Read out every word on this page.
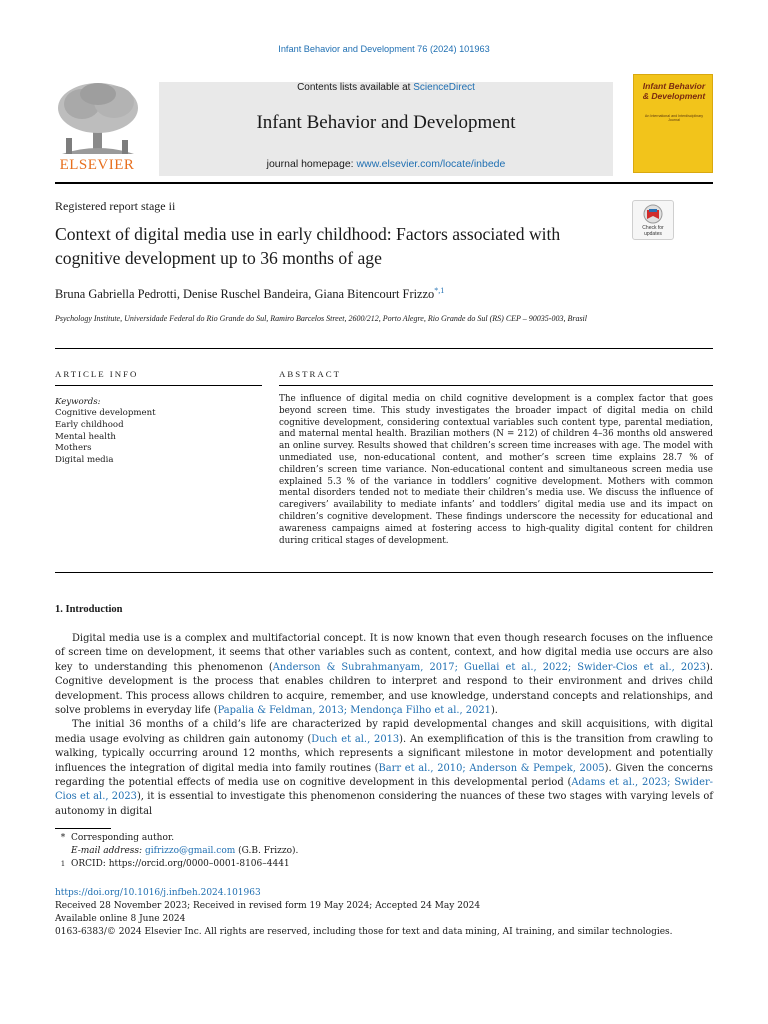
Infant Behavior and Development 76 (2024) 101963
ELSEVIER
Contents lists available at ScienceDirect
Infant Behavior and Development
journal homepage: www.elsevier.com/locate/inbede
Infant Behavior & Development
An International and Interdisciplinary Journal
Registered report stage ii
Check for updates
Context of digital media use in early childhood: Factors associated with cognitive development up to 36 months of age
Bruna Gabriella Pedrotti, Denise Ruschel Bandeira, Giana Bitencourt Frizzo$^{*,1}$
Psychology Institute, Universidade Federal do Rio Grande do Sul, Ramiro Barcelos Street, 2600/212, Porto Alegre, Rio Grande do Sul (RS) CEP – 90035-003, Brasil
ARTICLE INFO	ABSTRACT
Keywords:
Cognitive development
Early childhood
Mental health
Mothers
Digital media
The influence of digital media on child cognitive development is a complex factor that goes beyond screen time. This study investigates the broader impact of digital media on child cognitive development, considering contextual variables such content type, parental mediation, and maternal mental health. Brazilian mothers (N = 212) of children 4–36 months old answered an online survey. Results showed that children’s screen time increases with age. The model with unmediated use, non-educational content, and mother’s screen time explains 28.7 % of children’s screen time variance. Non-educational content and simultaneous screen media use explained 5.3 % of the variance in toddlers’ cognitive development. Mothers with common mental disorders tended not to mediate their children’s media use. We discuss the influence of caregivers’ availability to mediate infants’ and toddlers’ digital media use and its impact on children’s cognitive development. These findings underscore the necessity for educational and awareness campaigns aimed at fostering access to high-quality digital content for children during critical stages of development.
1. Introduction

Digital media use is a complex and multifactorial concept. It is now known that even though research focuses on the influence of screen time on development, it seems that other variables such as content, context, and how digital media use occurs are also key to understanding this phenomenon (Anderson & Subrahmanyam, 2017; Guellai et al., 2022; Swider-Cios et al., 2023). Cognitive development is the process that enables children to interpret and respond to their environment and drives child development. This process allows children to acquire, remember, and use knowledge, understand concepts and relationships, and solve problems in everyday life (Papalia & Feldman, 2013; Mendonça Filho et al., 2021).

The initial 36 months of a child’s life are characterized by rapid developmental changes and skill acquisitions, with digital media usage evolving as children gain autonomy (Duch et al., 2013). An exemplification of this is the transition from crawling to walking, typically occurring around 12 months, which represents a significant milestone in motor development and potentially influences the integration of digital media into family routines (Barr et al., 2010; Anderson & Pempek, 2005). Given the concerns regarding the potential effects of media use on cognitive development in this developmental period (Adams et al., 2023; Swider-Cios et al., 2023), it is essential to investigate this phenomenon considering the nuances of these two stages with varying levels of autonomy in digital

* Corresponding author.
E-mail address: gifrizzo@gmail.com (G.B. Frizzo).
1 ORCID: https://orcid.org/0000–0001-8106–4441
https://doi.org/10.1016/j.infbeh.2024.101963
Received 28 November 2023; Received in revised form 19 May 2024; Accepted 24 May 2024
Available online 8 June 2024
0163-6383/© 2024 Elsevier Inc. All rights are reserved, including those for text and data mining, AI training, and similar technologies.
